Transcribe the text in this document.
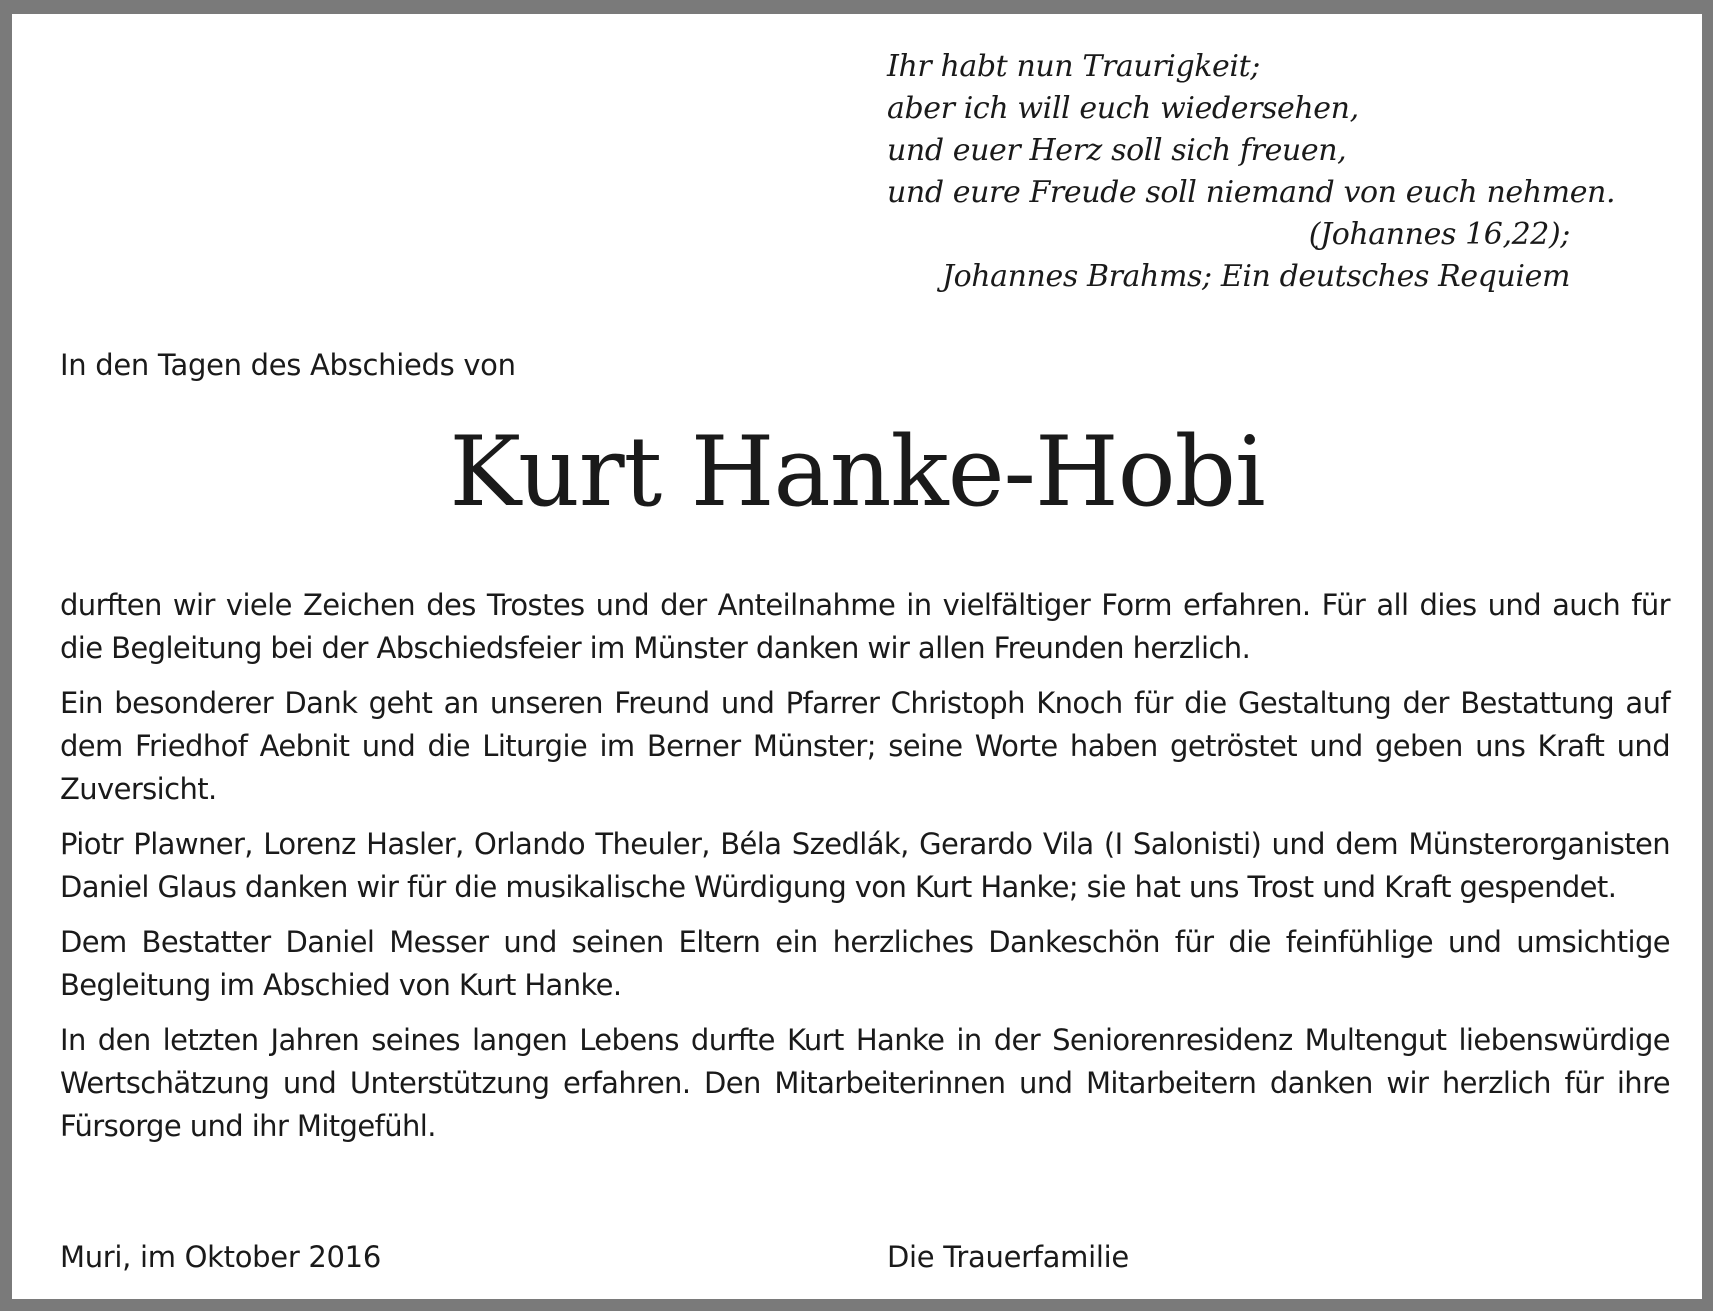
Ihr habt nun Traurigkeit;
aber ich will euch wiedersehen,
und euer Herz soll sich freuen,
und eure Freude soll niemand von euch nehmen.
(Johannes 16,22);
Johannes Brahms; Ein deutsches Requiem
In den Tagen des Abschieds von
Kurt Hanke-Hobi

durften wir viele Zeichen des Trostes und der Anteilnahme in vielfältiger Form erfahren. Für all dies und auch für die Begleitung bei der Abschiedsfeier im Münster danken wir allen Freunden herzlich.

Ein besonderer Dank geht an unseren Freund und Pfarrer Christoph Knoch für die Gestaltung der Bestattung auf dem Friedhof Aebnit und die Liturgie im Berner Münster; seine Worte haben getröstet und geben uns Kraft und Zuversicht.

Piotr Plawner, Lorenz Hasler, Orlando Theuler, Béla Szedlák, Gerardo Vila (I Salonisti) und dem Münsterorganisten Daniel Glaus danken wir für die musikalische Würdigung von Kurt Hanke; sie hat uns Trost und Kraft gespendet.

Dem Bestatter Daniel Messer und seinen Eltern ein herzliches Dankeschön für die feinfühlige und umsichtige Begleitung im Abschied von Kurt Hanke.

In den letzten Jahren seines langen Lebens durfte Kurt Hanke in der Seniorenresidenz Multengut liebenswürdige Wertschätzung und Unterstützung erfahren. Den Mitarbeiterinnen und Mitarbeitern danken wir herzlich für ihre Fürsorge und ihr Mitgefühl.

Muri, im Oktober 2016	Die Trauerfamilie
